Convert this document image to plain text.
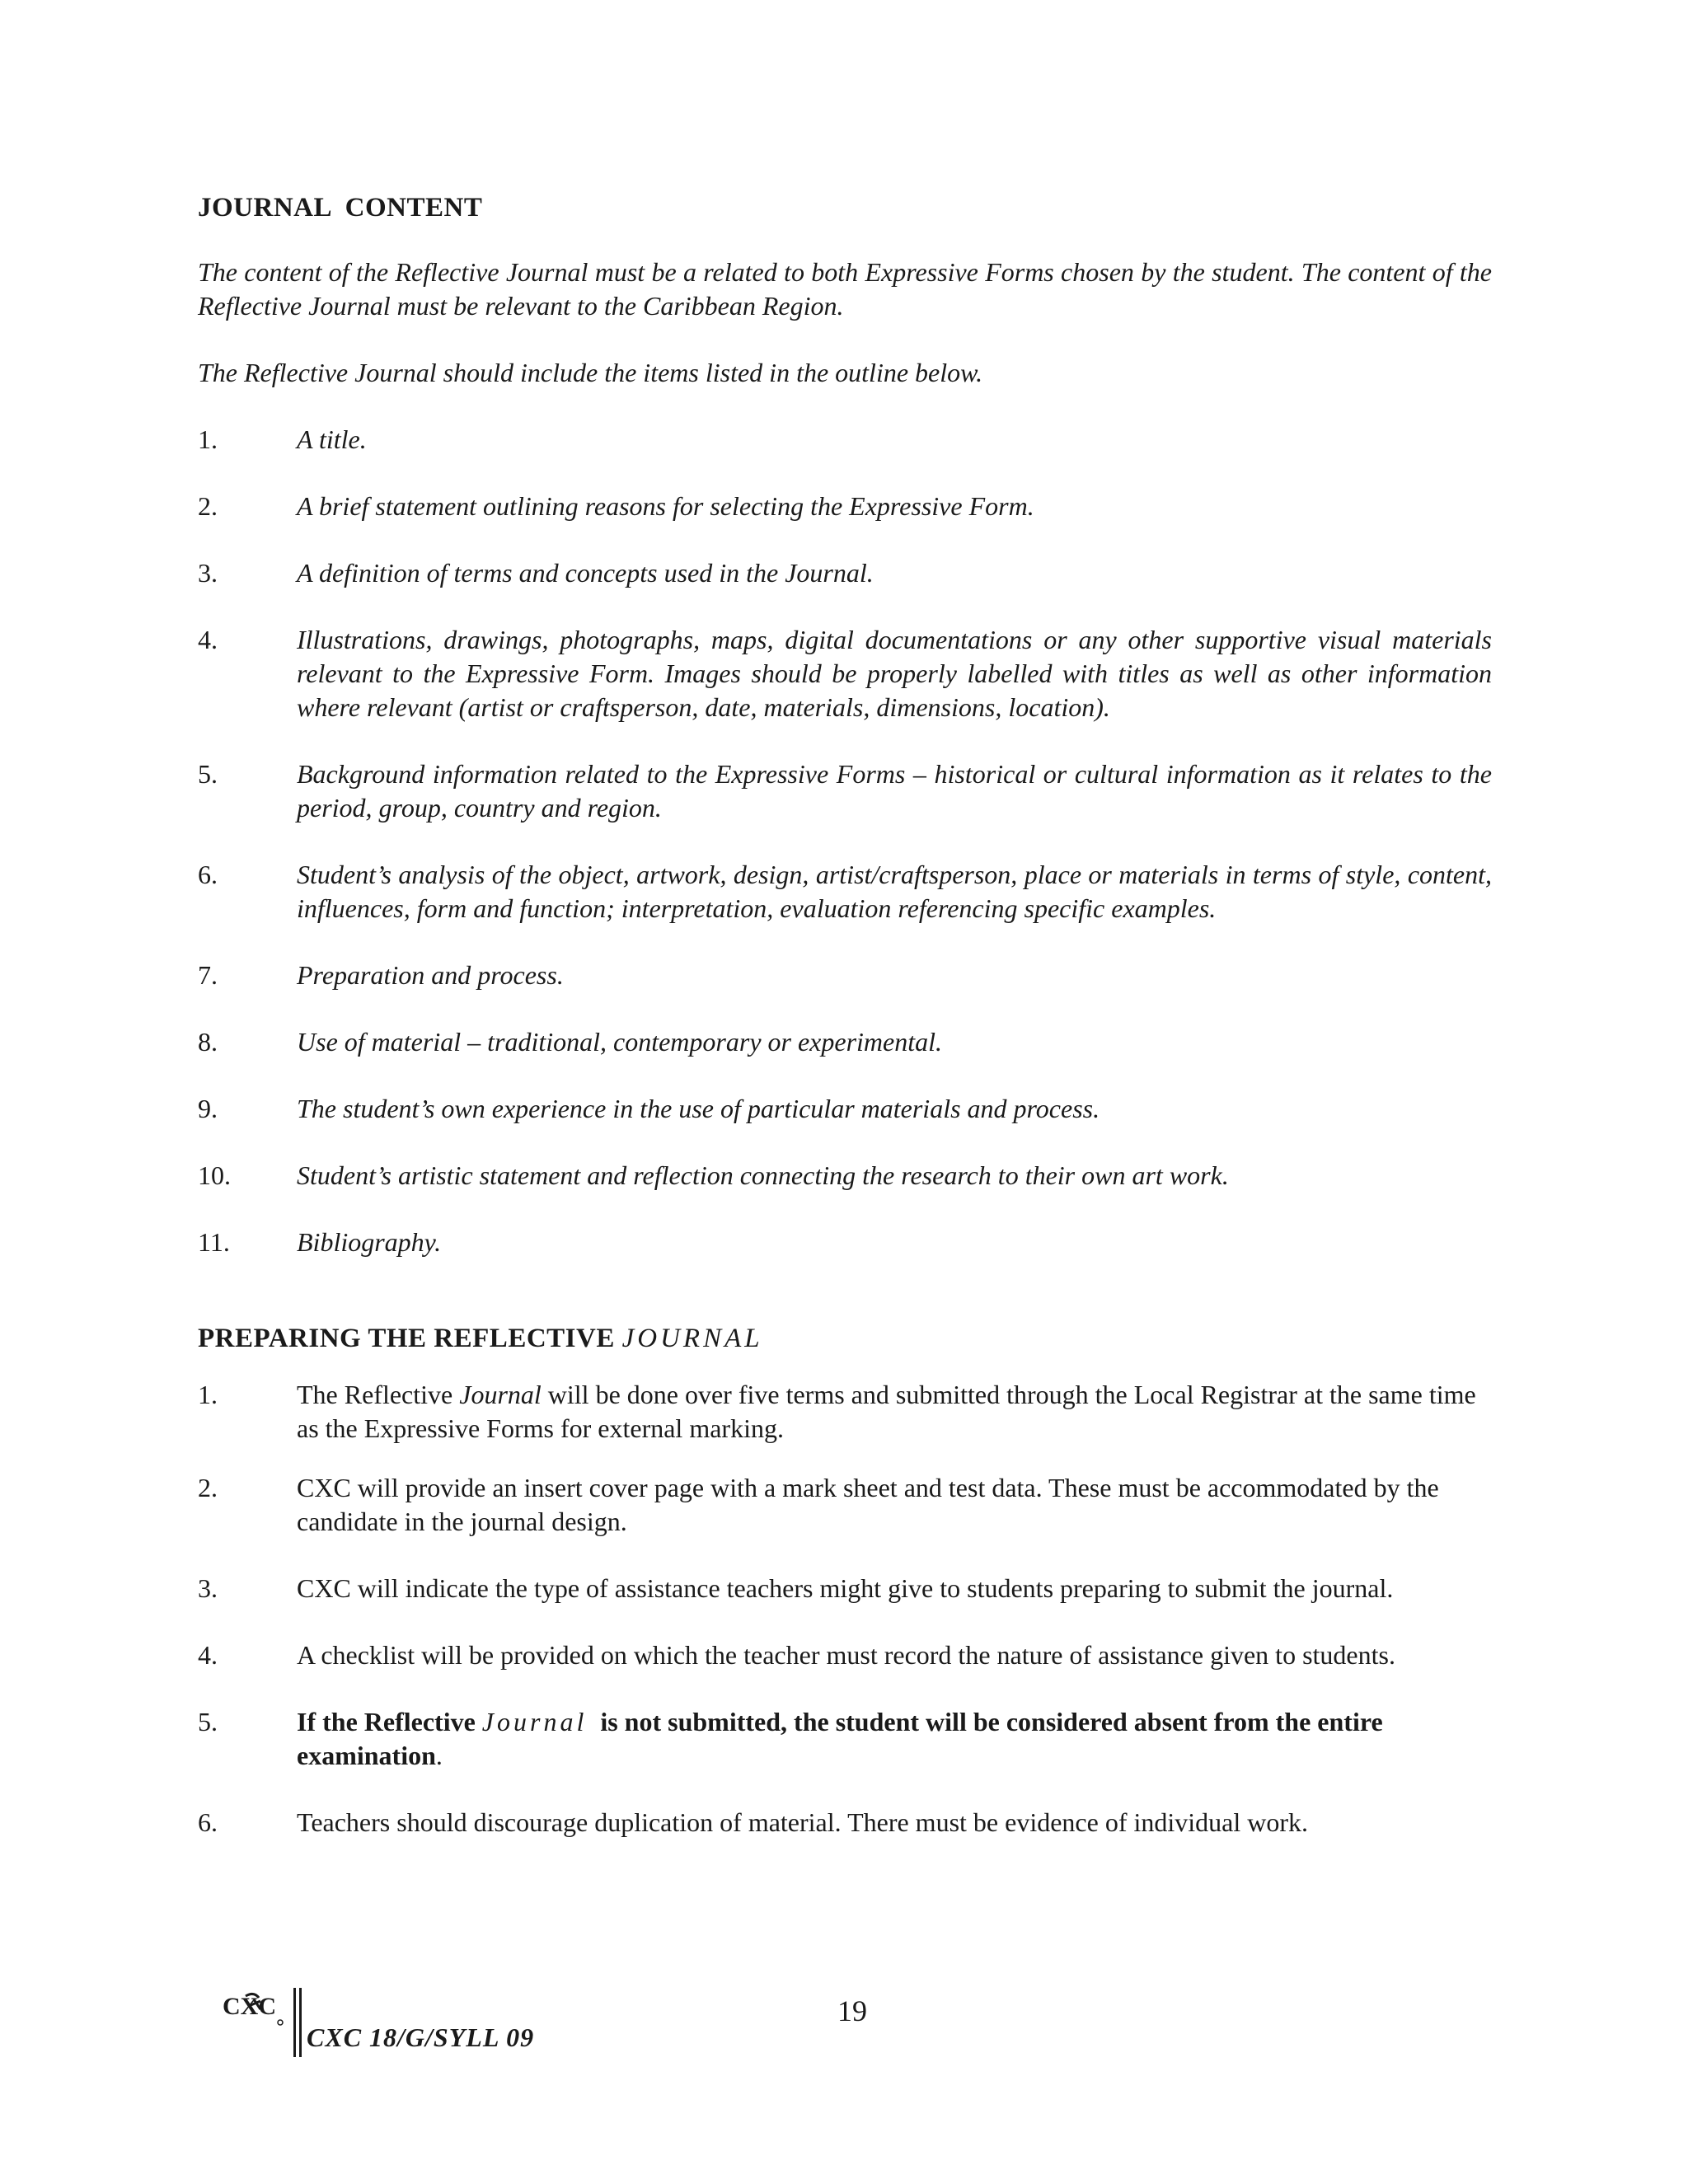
JOURNAL  CONTENT

The content of the Reflective Journal must be a related to both Expressive Forms chosen by the student. The content of the Reflective Journal must be relevant to the Caribbean Region.

The Reflective Journal should include the items listed in the outline below.

1.	A title.
2.	A brief statement outlining reasons for selecting the Expressive Form.
3.	A definition of terms and concepts used in the Journal.
4.	Illustrations, drawings, photographs, maps, digital documentations or any other supportive visual materials relevant to the Expressive Form. Images should be properly labelled with titles as well as other information where relevant (artist or craftsperson, date, materials, dimensions, location).
5.	Background information related to the Expressive Forms – historical or cultural information as it relates to the period, group, country and region.
6.	Student’s analysis of the object, artwork, design, artist/craftsperson, place or materials in terms of style, content, influences, form and function; interpretation, evaluation referencing specific examples.
7.	Preparation and process.
8.	Use of material – traditional, contemporary or experimental.
9.	The student’s own experience in the use of particular materials and process.
10.	Student’s artistic statement and reflection connecting the research to their own art work.
11.	Bibliography.
PREPARING THE REFLECTIVE JOURNAL
1.	The Reflective Journal will be done over five terms and submitted through the Local Registrar at the same time as the Expressive Forms for external marking.
2.	CXC will provide an insert cover page with a mark sheet and test data. These must be accommodated by the candidate in the journal design.
3.	CXC will indicate the type of assistance teachers might give to students preparing to submit the journal.
4.	A checklist will be provided on which the teacher must record the nature of assistance given to students.
5.	If the Reflective Journal  is not submitted, the student will be considered absent from the entire examination.
6.	Teachers should discourage duplication of material. There must be evidence of individual work.
CXC
CXC 18/G/SYLL 09
19
